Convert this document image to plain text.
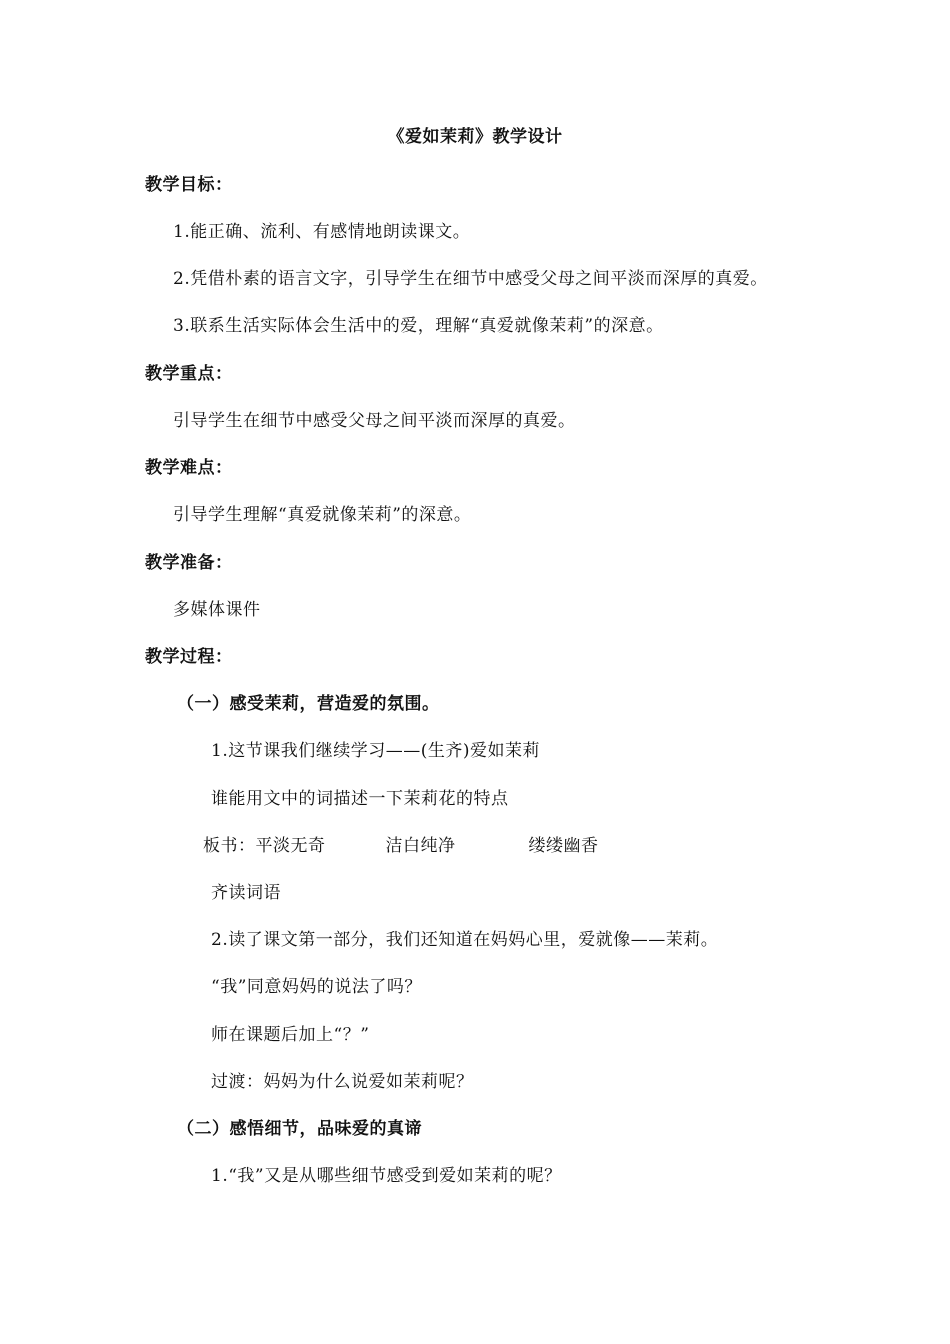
《爱如茉莉》教学设计
教学目标：
1.能正确、流利、有感情地朗读课文。
2.凭借朴素的语言文字，引导学生在细节中感受父母之间平淡而深厚的真爱。
3.联系生活实际体会生活中的爱，理解“真爱就像茉莉”的深意。
教学重点：
引导学生在细节中感受父母之间平淡而深厚的真爱。
教学难点：
引导学生理解“真爱就像茉莉”的深意。
教学准备：
多媒体课件
教学过程：
（一）感受茉莉，营造爱的氛围。
1.这节课我们继续学习——(生齐)爱如茉莉
谁能用文中的词描述一下茉莉花的特点
板书：平淡无奇	洁白纯净	缕缕幽香
齐读词语
2.读了课文第一部分，我们还知道在妈妈心里，爱就像——茉莉。
“我”同意妈妈的说法了吗？
师在课题后加上“？”
过渡：妈妈为什么说爱如茉莉呢？
（二）感悟细节，品味爱的真谛
1.“我”又是从哪些细节感受到爱如茉莉的呢？
